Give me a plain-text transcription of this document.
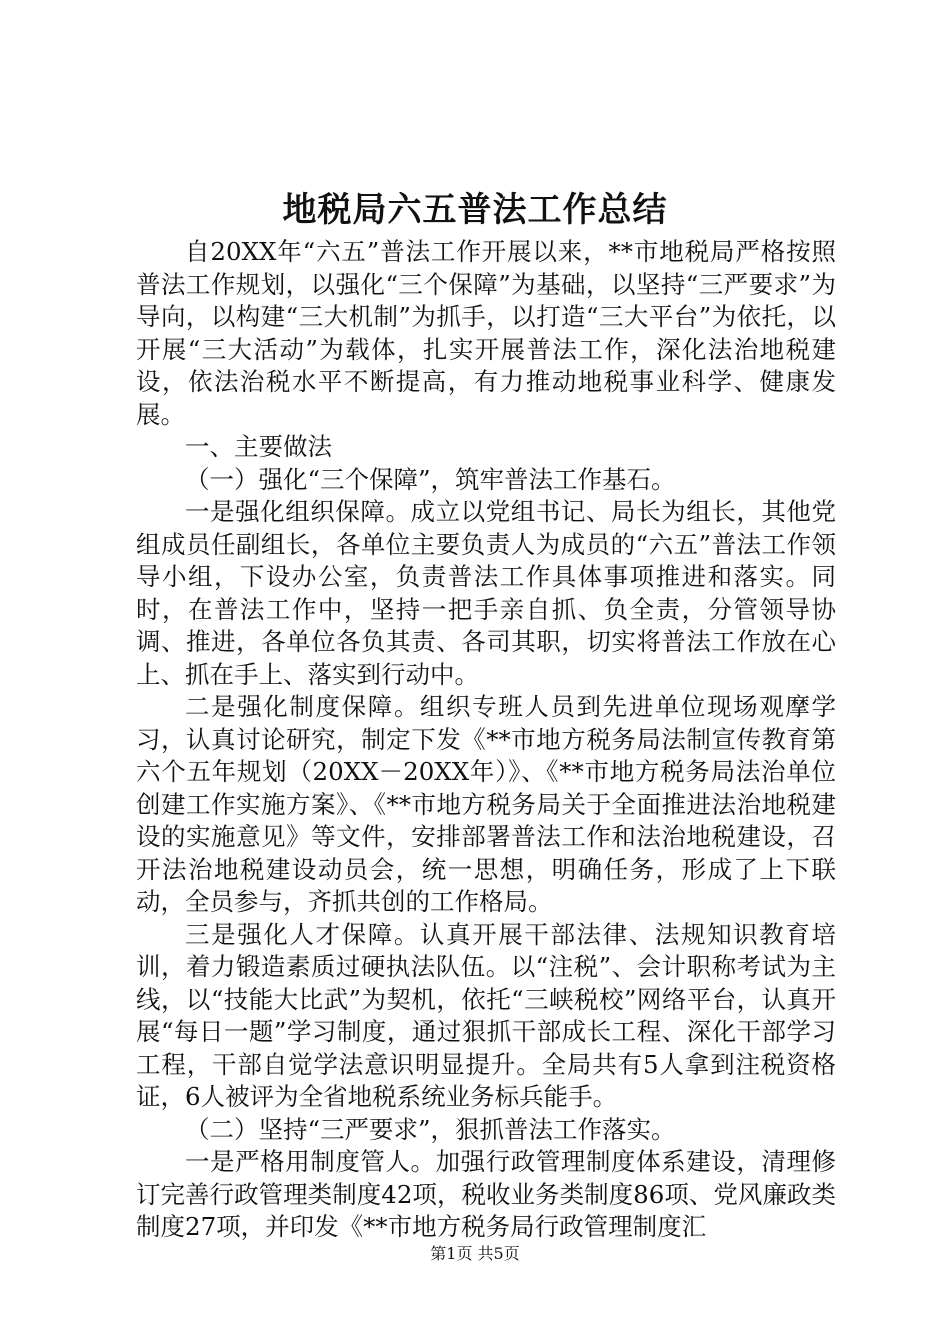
地税局六五普法工作总结

自20XX年“六五”普法工作开展以来，**市地税局严格按照普法工作规划，以强化“三个保障”为基础，以坚持“三严要求”为导向，以构建“三大机制”为抓手，以打造“三大平台”为依托，以开展“三大活动”为载体，扎实开展普法工作，深化法治地税建设，依法治税水平不断提高，有力推动地税事业科学、健康发展。

一、主要做法

（一）强化“三个保障”，筑牢普法工作基石。

一是强化组织保障。成立以党组书记、局长为组长，其他党组成员任副组长，各单位主要负责人为成员的“六五”普法工作领导小组，下设办公室，负责普法工作具体事项推进和落实。同时，在普法工作中，坚持一把手亲自抓、负全责，分管领导协调、推进，各单位各负其责、各司其职，切实将普法工作放在心上、抓在手上、落实到行动中。

二是强化制度保障。组织专班人员到先进单位现场观摩学习，认真讨论研究，制定下发《**市地方税务局法制宣传教育第六个五年规划（20XX－20XX年）》、《**市地方税务局法治单位创建工作实施方案》、《**市地方税务局关于全面推进法治地税建设的实施意见》等文件，安排部署普法工作和法治地税建设，召开法治地税建设动员会，统一思想，明确任务，形成了上下联动，全员参与，齐抓共创的工作格局。

三是强化人才保障。认真开展干部法律、法规知识教育培训，着力锻造素质过硬执法队伍。以“注税”、会计职称考试为主线，以“技能大比武”为契机，依托“三峡税校”网络平台，认真开展“每日一题”学习制度，通过狠抓干部成长工程、深化干部学习工程，干部自觉学法意识明显提升。全局共有5人拿到注税资格证，6人被评为全省地税系统业务标兵能手。

（二）坚持“三严要求”，狠抓普法工作落实。

一是严格用制度管人。加强行政管理制度体系建设，清理修订完善行政管理类制度42项，税收业务类制度86项、党风廉政类制度27项，并印发《**市地方税务局行政管理制度汇

第1页 共5页
